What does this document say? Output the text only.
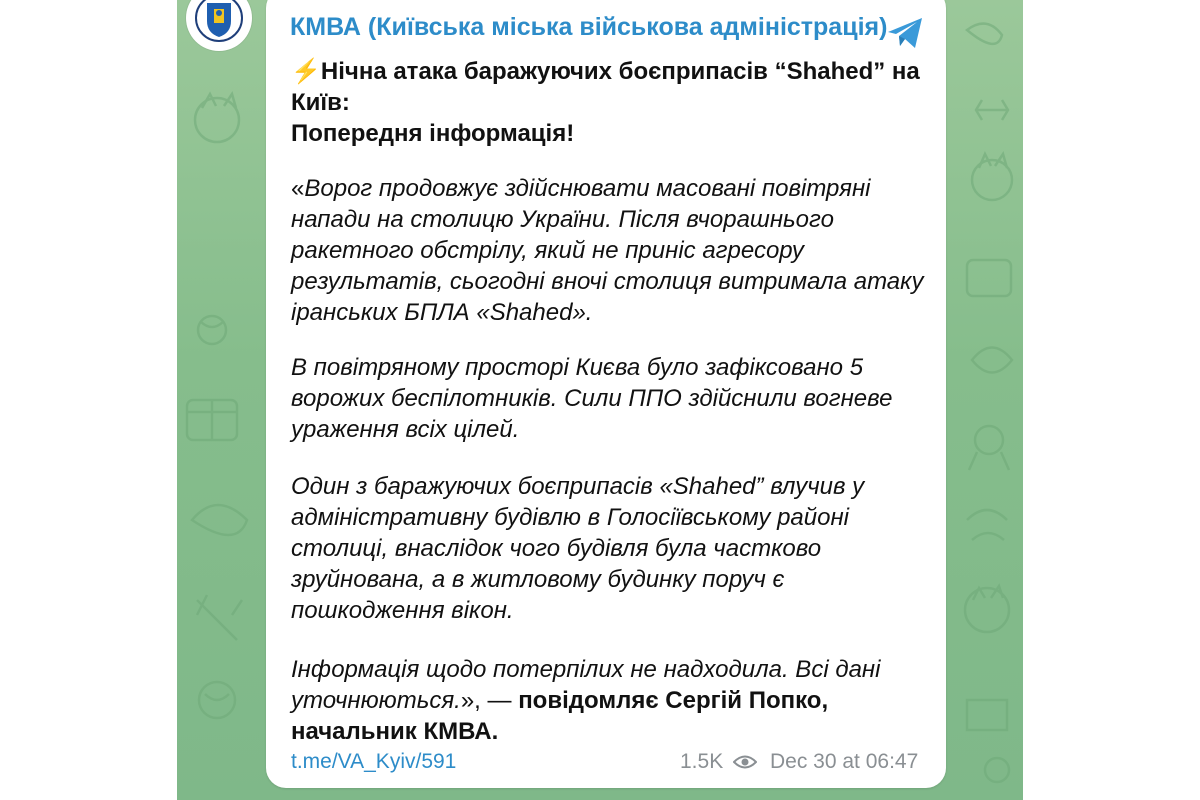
КМВА (Київська міська військова адміністрація)
⚡Нічна атака баражуючих боєприпасів “Shahed” на Київ:
Попередня інформація!

«Ворог продовжує здійснювати масовані повітряні напади на столицю України. Після вчорашнього ракетного обстрілу, який не приніс агресору результатів, сьогодні вночі столиця витримала атаку іранських БПЛА «Shahed».

В повітряному просторі Києва було зафіксовано 5 ворожих беспілотників. Сили ППО здійснили вогневе ураження всіх цілей.

Один з баражуючих боєприпасів «Shahed” влучив у адміністративну будівлю в Голосіївському районі столиці, внаслідок чого будівля була частково зруйнована, а в житловому будинку поруч є пошкодження вікон.

Інформація щодо потерпілих не надходила. Всі дані уточнюються.», — повідомляє Сергій Попко, начальник КМВА.

t.me/VA_Kyiv/591	1.5K Dec 30 at 06:47
